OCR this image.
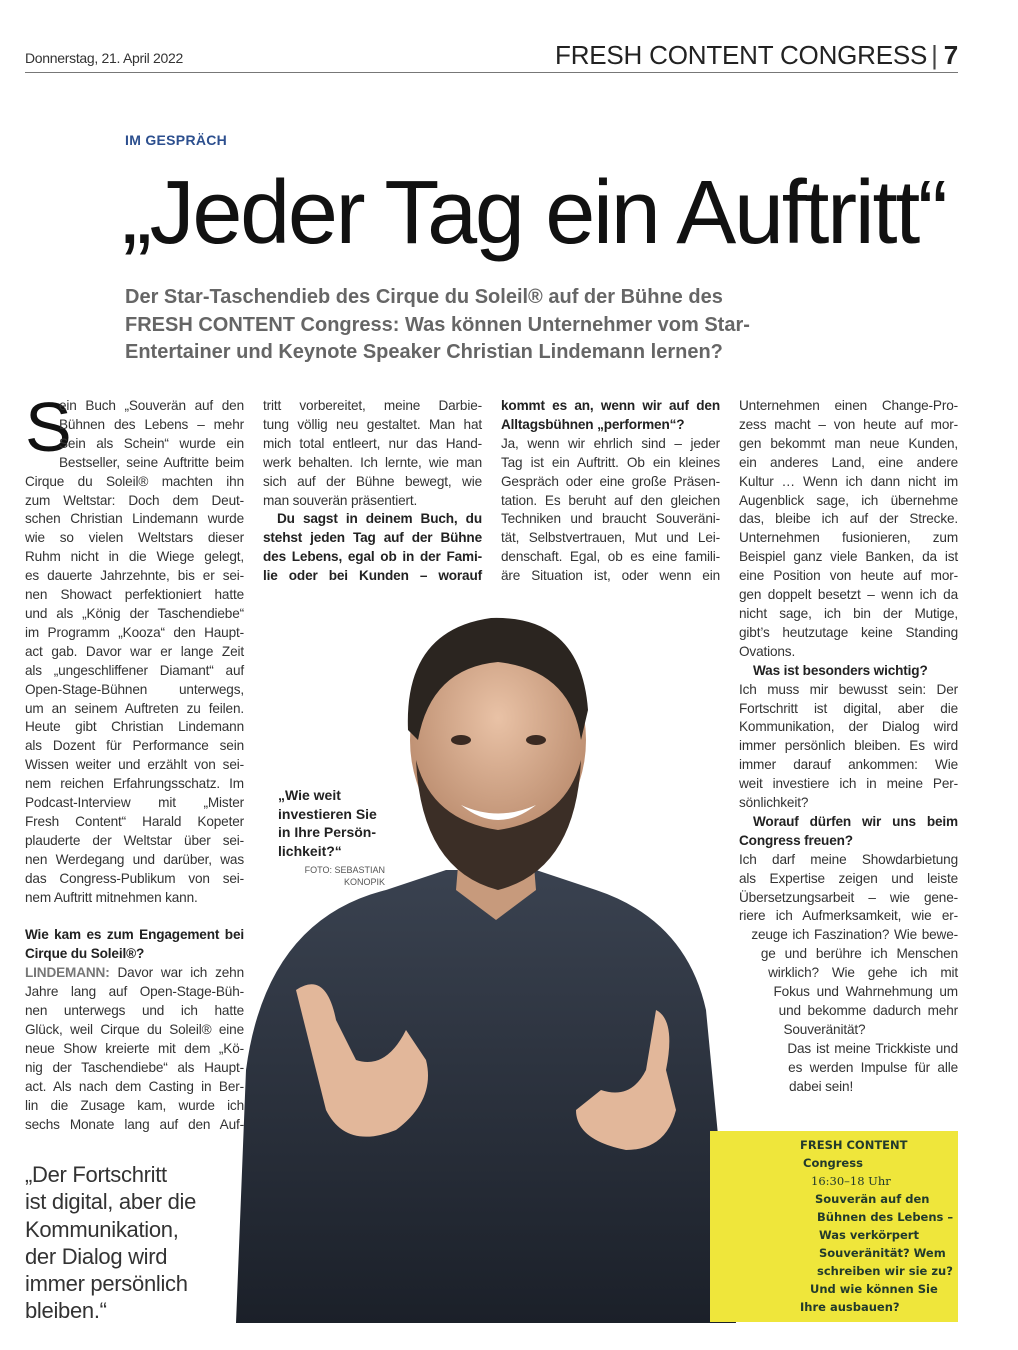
Donnerstag, 21. April 2022	FRESH CONTENT CONGRESS | 7
IM GESPRÄCH
„Jeder Tag ein Auftritt“
Der Star-Taschendieb des Cirque du Soleil® auf der Bühne des
FRESH CONTENT Congress: Was können Unternehmer vom Star-
Entertainer und Keynote Speaker Christian Lindemann lernen?
„Wie weit
investieren Sie
in Ihre Persön-
lichkeit?“
FOTO: SEBASTIAN
KONOPIK
S
ein Buch „Souverän auf den
Bühnen des Lebens – mehr
Sein als Schein“ wurde ein
Bestseller, seine Auftritte beim
Cirque du Soleil® machten ihn
zum Weltstar: Doch dem Deut-
schen Christian Lindemann wurde
wie so vielen Weltstars dieser
Ruhm nicht in die Wiege gelegt,
es dauerte Jahrzehnte, bis er sei-
nen Showact perfektioniert hatte
und als „König der Taschendiebe“
im Programm „Kooza“ den Haupt-
act gab. Davor war er lange Zeit
als „ungeschliffener Diamant“ auf
Open-Stage-Bühnen unterwegs,
um an seinem Auftreten zu feilen.
Heute gibt Christian Lindemann
als Dozent für Performance sein
Wissen weiter und erzählt von sei-
nem reichen Erfahrungsschatz. Im
Podcast-Interview mit „Mister
Fresh Content“ Harald Kopeter
plauderte der Weltstar über sei-
nen Werdegang und darüber, was
das Congress-Publikum von sei-
nem Auftritt mitnehmen kann.
Wie kam es zum Engagement bei
Cirque du Soleil®?
LINDEMANN: Davor war ich zehn
Jahre lang auf Open-Stage-Büh-
nen unterwegs und ich hatte
Glück, weil Cirque du Soleil® eine
neue Show kreierte mit dem „Kö-
nig der Taschendiebe“ als Haupt-
act. Als nach dem Casting in Ber-
lin die Zusage kam, wurde ich
sechs Monate lang auf den Auf-
tritt vorbereitet, meine Darbie-
tung völlig neu gestaltet. Man hat
mich total entleert, nur das Hand-
werk behalten. Ich lernte, wie man
sich auf der Bühne bewegt, wie
man souverän präsentiert.
Du sagst in deinem Buch, du
stehst jeden Tag auf der Bühne
des Lebens, egal ob in der Fami-
lie oder bei Kunden – worauf
kommt es an, wenn wir auf den
Alltagsbühnen „performen“?
Ja, wenn wir ehrlich sind – jeder
Tag ist ein Auftritt. Ob ein kleines
Gespräch oder eine große Präsen-
tation. Es beruht auf den gleichen
Techniken und braucht Souveräni-
tät, Selbstvertrauen, Mut und Lei-
denschaft. Egal, ob es eine famili-
äre Situation ist, oder wenn ein
Unternehmen einen Change-Pro-
zess macht – von heute auf mor-
gen bekommt man neue Kunden,
ein anderes Land, eine andere
Kultur … Wenn ich dann nicht im
Augenblick sage, ich übernehme
das, bleibe ich auf der Strecke.
Unternehmen fusionieren, zum
Beispiel ganz viele Banken, da ist
eine Position von heute auf mor-
gen doppelt besetzt – wenn ich da
nicht sage, ich bin der Mutige,
gibt’s heutzutage keine Standing
Ovations.
Was ist besonders wichtig?
Ich muss mir bewusst sein: Der
Fortschritt ist digital, aber die
Kommunikation, der Dialog wird
immer persönlich bleiben. Es wird
immer darauf ankommen: Wie
weit investiere ich in meine Per-
sönlichkeit?
Worauf dürfen wir uns beim
Congress freuen?
Ich darf meine Showdarbietung
als Expertise zeigen und leiste
Übersetzungsarbeit – wie gene-
riere ich Aufmerksamkeit, wie er-
zeuge ich Faszination? Wie bewe-
ge und berühre ich Menschen
wirklich? Wie gehe ich mit
Fokus und Wahrnehmung um
und bekomme dadurch mehr
Souveränität?
Das ist meine Trickkiste und
es werden Impulse für alle
dabei sein!
„Der Fortschritt
ist digital, aber die
Kommunikation,
der Dialog wird
immer persönlich
bleiben.“
FRESH CONTENT
Congress
16:30–18 Uhr
Souverän auf den
Bühnen des Lebens –
Was verkörpert
Souveränität? Wem
schreiben wir sie zu?
Und wie können Sie
Ihre ausbauen?
